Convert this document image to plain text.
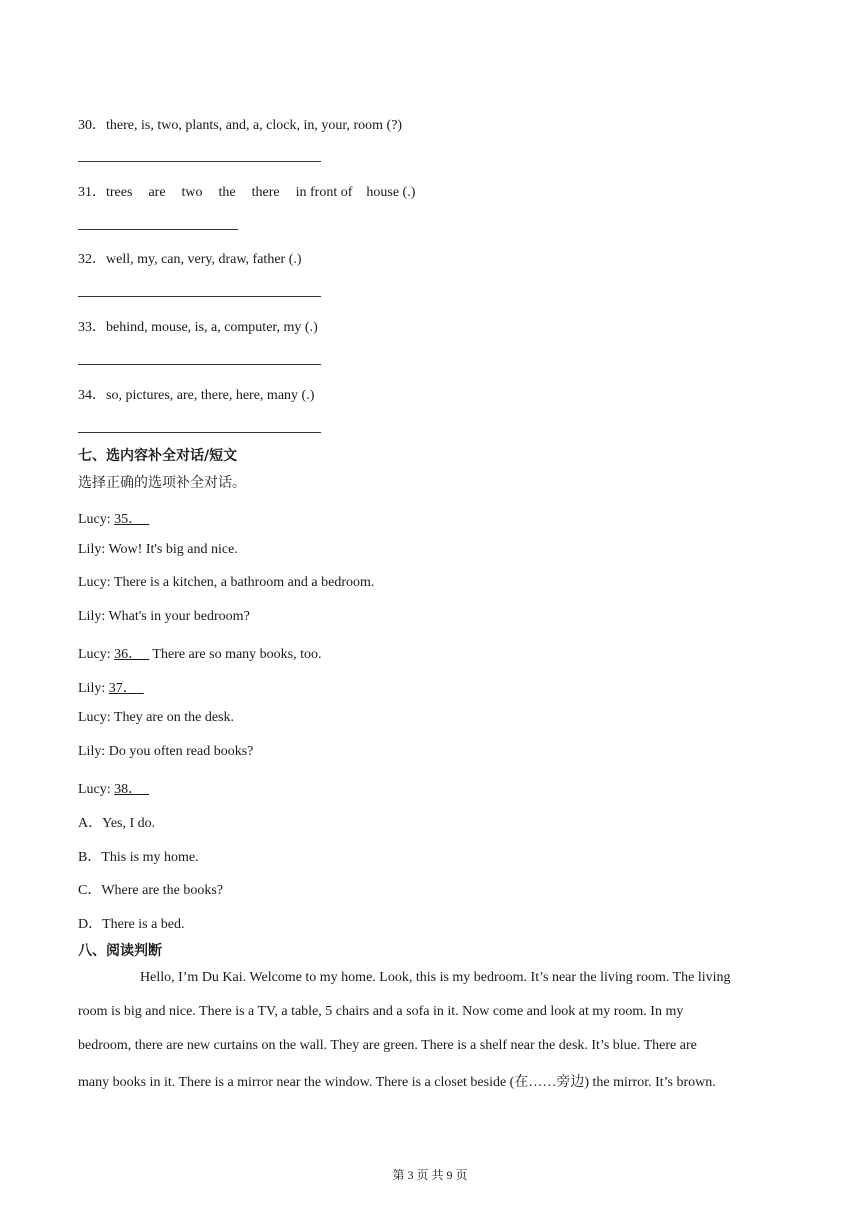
30．there, is, two, plants, and, a, clock, in, your, room (?)
31．trees are two the there in front of house (.)
32．well, my, can, very, draw, father (.)
33．behind, mouse, is, a, computer, my (.)
34．so, pictures, are, there, here, many (.)
七、选内容补全对话/短文
选择正确的选项补全对话。
Lucy: 35．
Lily: Wow! It's big and nice.
Lucy: There is a kitchen, a bathroom and a bedroom.
Lily: What's in your bedroom?
Lucy: 36．   There are so many books, too.
Lily: 37．
Lucy: They are on the desk.
Lily: Do you often read books?
Lucy: 38．
A．Yes, I do.
B．This is my home.
C．Where are the books?
D．There is a bed.
八、阅读判断
Hello, I’m Du Kai. Welcome to my home. Look, this is my bedroom. It’s near the living room. The living
room is big and nice. There is a TV, a table, 5 chairs and a sofa in it. Now come and look at my room. In my
bedroom, there are new curtains on the wall. They are green. There is a shelf near the desk. It’s blue. There are
many books in it. There is a mirror near the window. There is a closet beside (在……旁边) the mirror. It’s brown.
第 3 页 共 9 页
